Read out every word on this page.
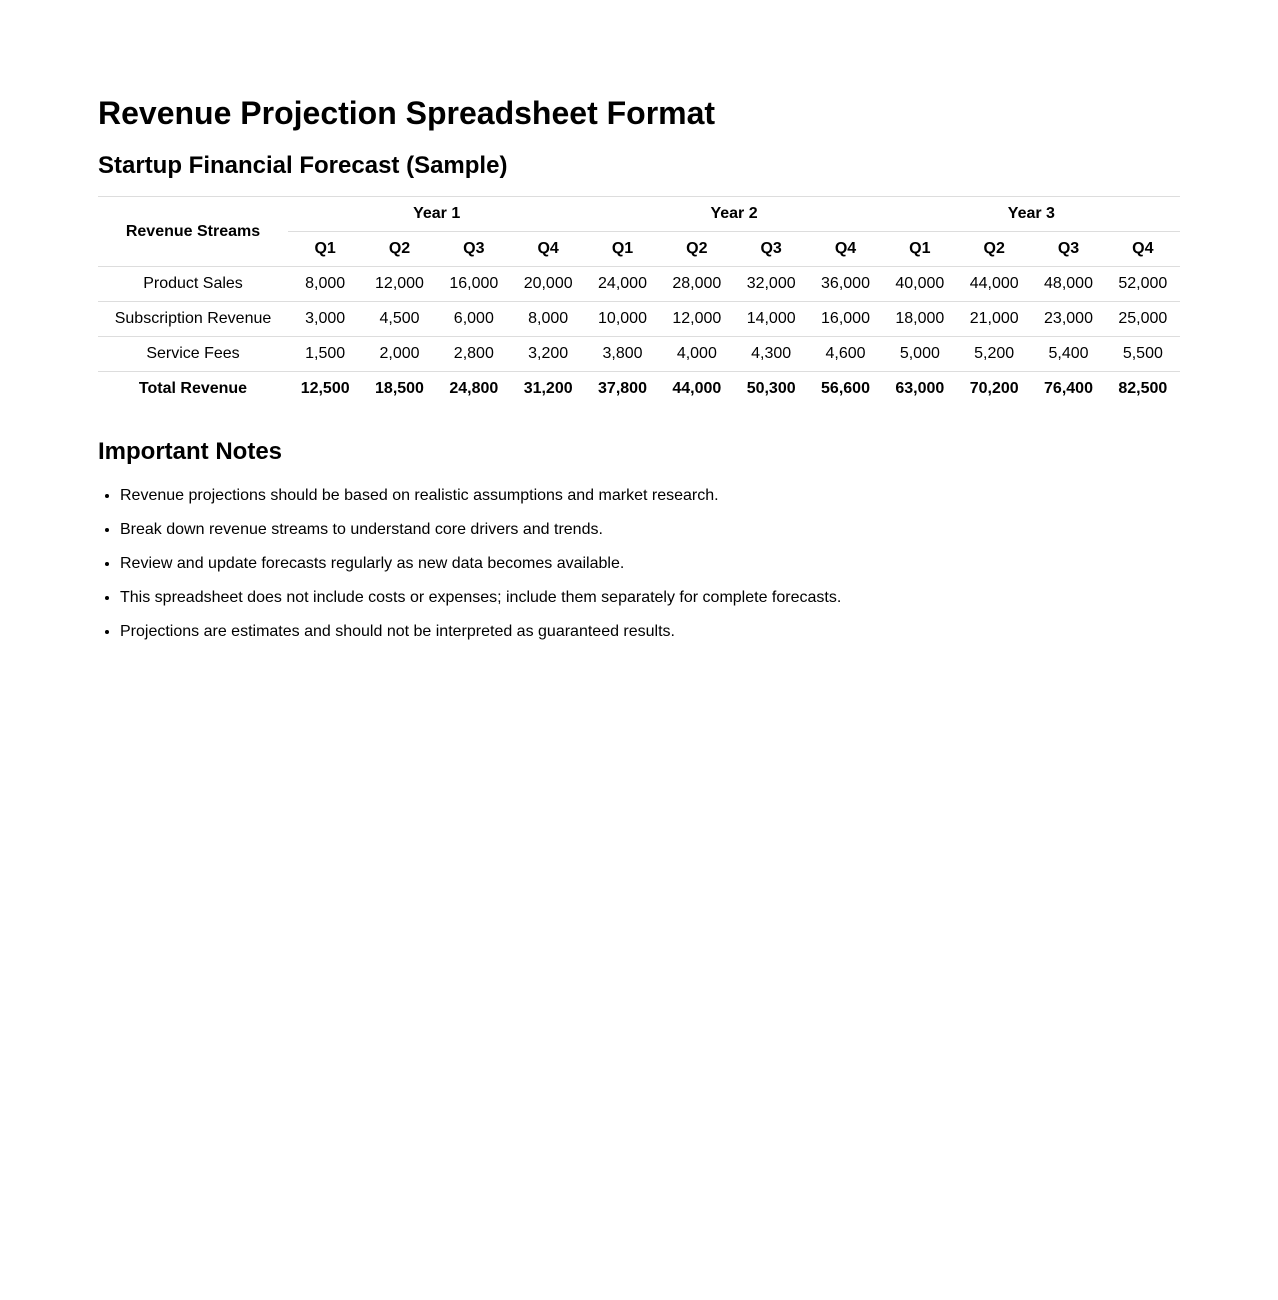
Revenue Projection Spreadsheet Format
Startup Financial Forecast (Sample)
Revenue Streams	Year 1				Year 2				Year 3			
	Q1	Q2	Q3	Q4	Q1	Q2	Q3	Q4	Q1	Q2	Q3	Q4
Product Sales	8,000	12,000	16,000	20,000	24,000	28,000	32,000	36,000	40,000	44,000	48,000	52,000
Subscription Revenue	3,000	4,500	6,000	8,000	10,000	12,000	14,000	16,000	18,000	21,000	23,000	25,000
Service Fees	1,500	2,000	2,800	3,200	3,800	4,000	4,300	4,600	5,000	5,200	5,400	5,500
Total Revenue	12,500	18,500	24,800	31,200	37,800	44,000	50,300	56,600	63,000	70,200	76,400	82,500
Important Notes
• Revenue projections should be based on realistic assumptions and market research.
• Break down revenue streams to understand core drivers and trends.
• Review and update forecasts regularly as new data becomes available.
• This spreadsheet does not include costs or expenses; include them separately for complete forecasts.
• Projections are estimates and should not be interpreted as guaranteed results.
